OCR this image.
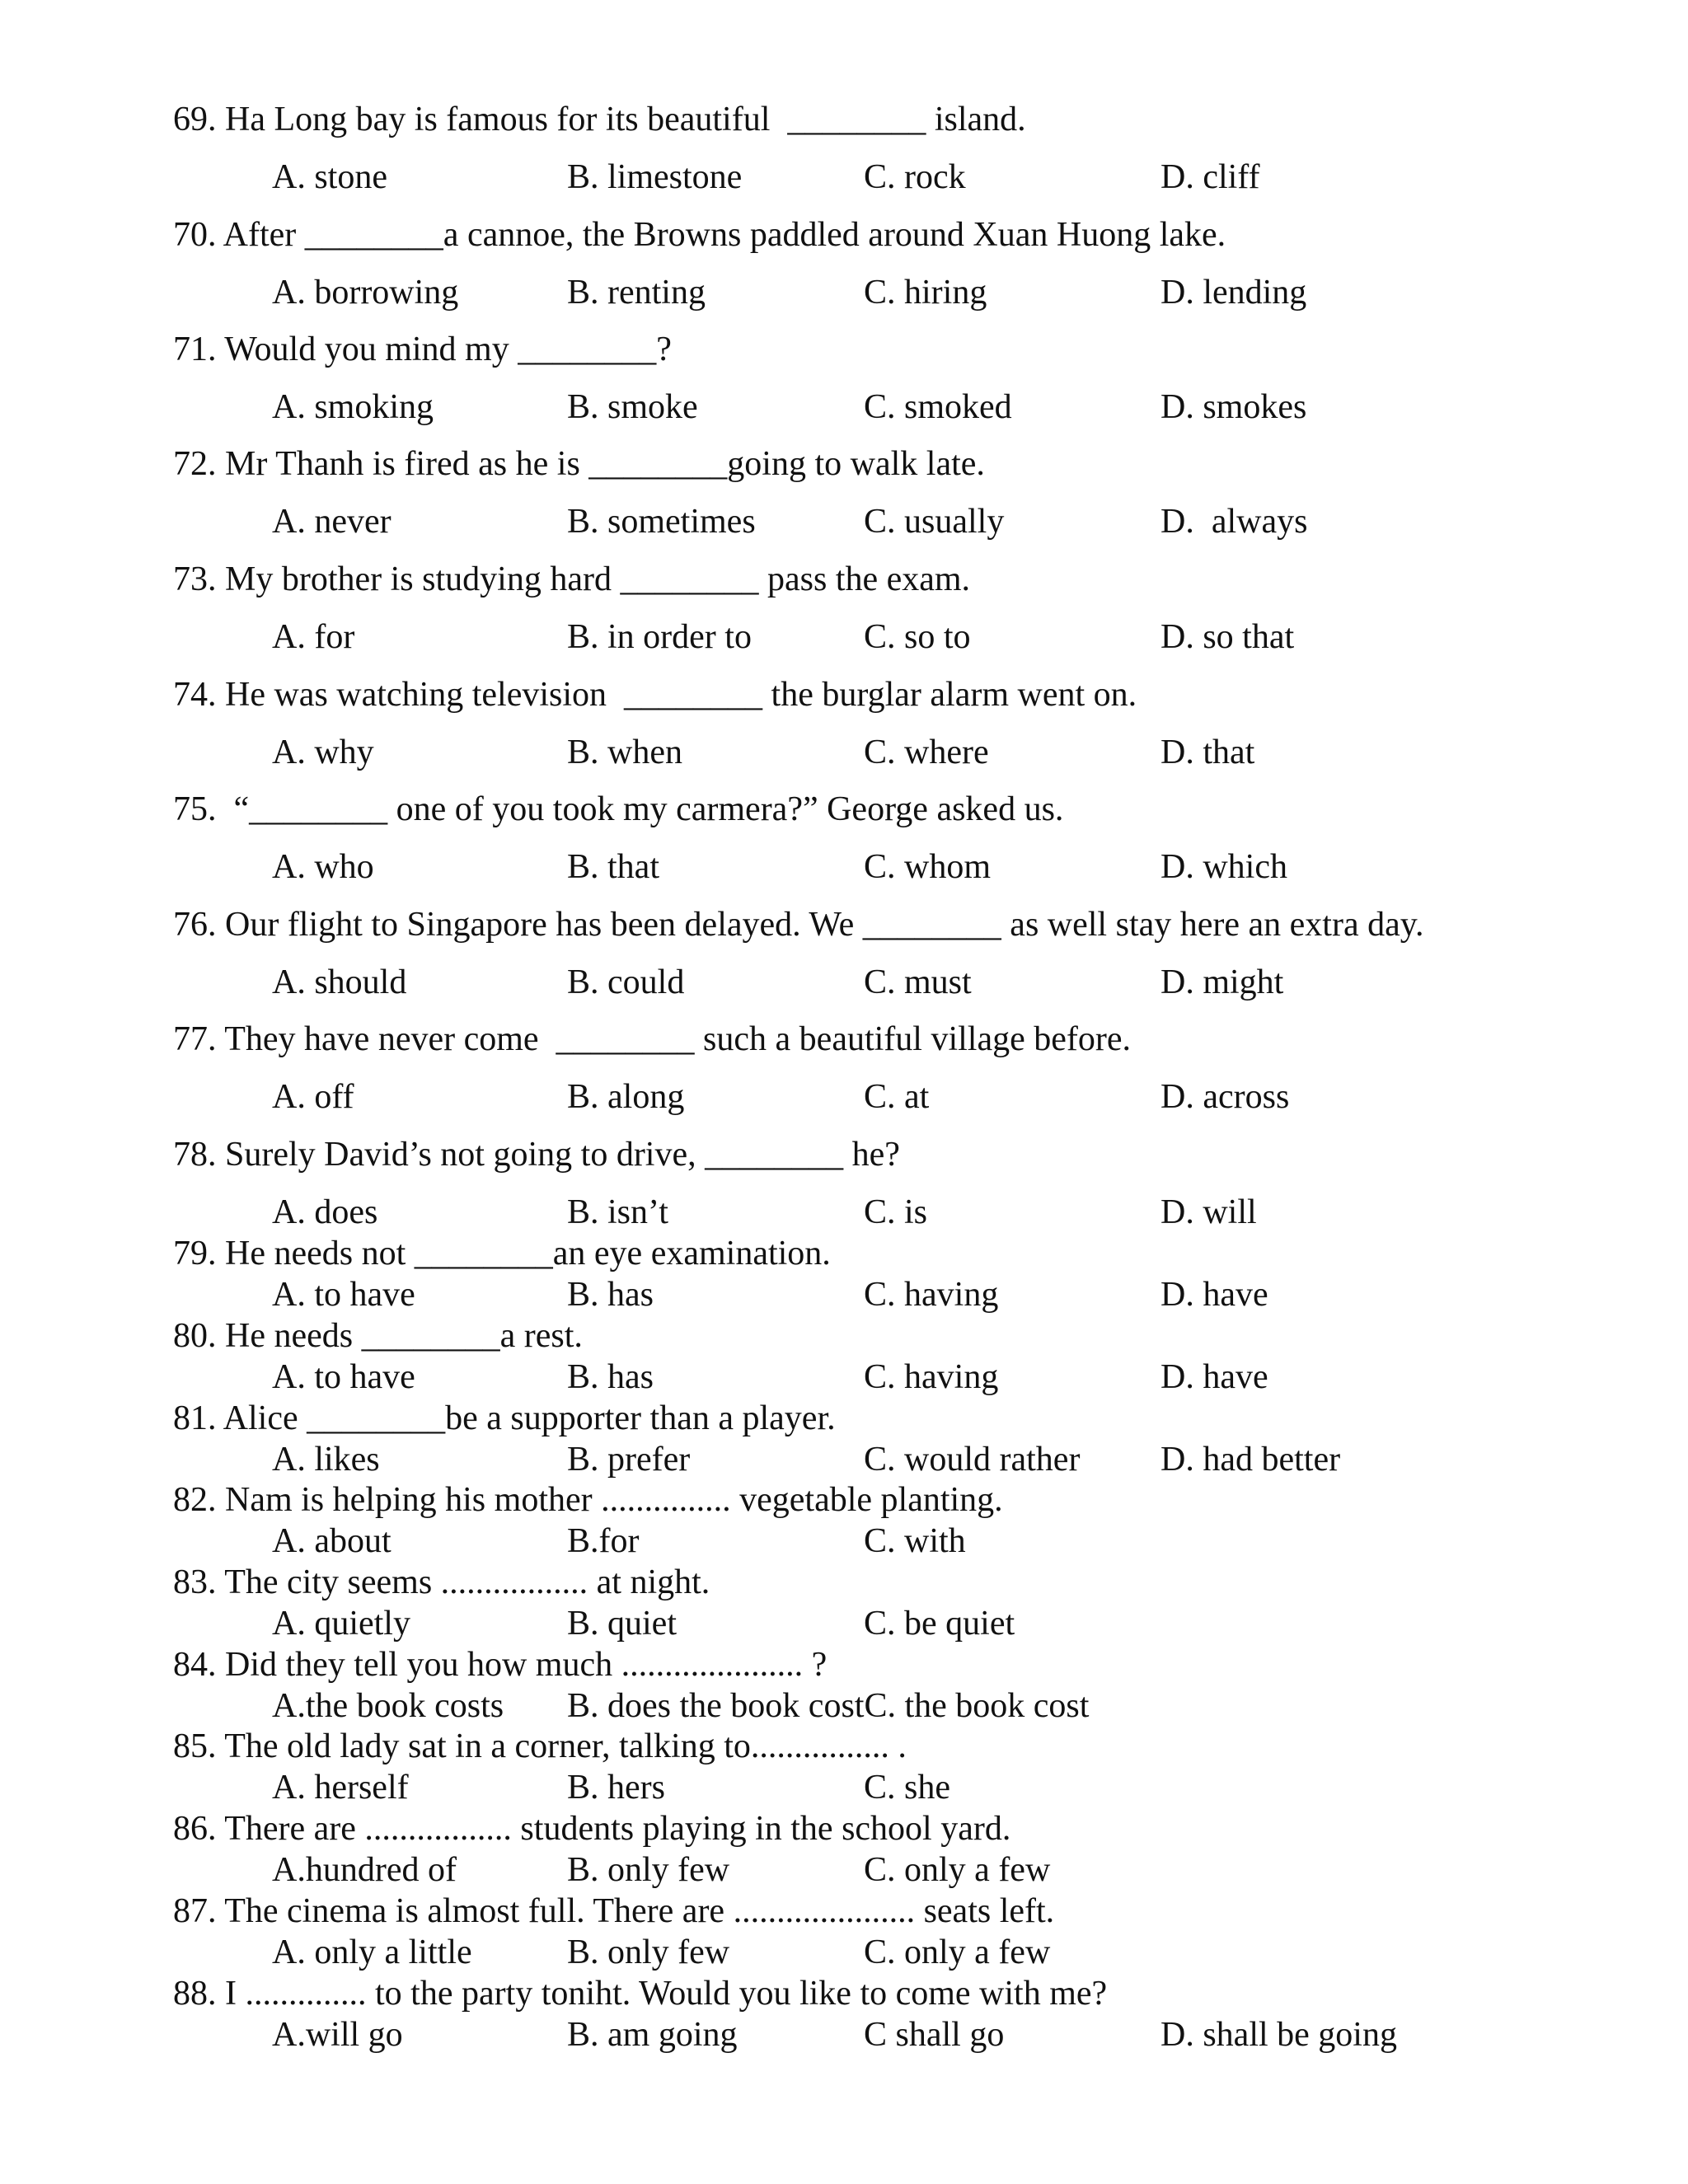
69. Ha Long bay is famous for its beautiful  ________ island.
A. stone	B. limestone	C. rock	D. cliff
70. After ________a cannoe, the Browns paddled around Xuan Huong lake.
A. borrowing	B. renting	C. hiring	D. lending
71. Would you mind my ________?
A. smoking	B. smoke	C. smoked	D. smokes
72. Mr Thanh is fired as he is ________going to walk late.
A. never	B. sometimes	C. usually	D.  always
73. My brother is studying hard ________ pass the exam.
A. for	B. in order to	C. so to	D. so that
74. He was watching television  ________ the burglar alarm went on.
A. why	B. when	C. where	D. that
75.  “________ one of you took my carmera?” George asked us.
A. who	B. that	C. whom	D. which
76. Our flight to Singapore has been delayed. We ________ as well stay here an extra day.
A. should	B. could	C. must	D. might
77. They have never come  ________ such a beautiful village before.
A. off	B. along	C. at	D. across
78. Surely David’s not going to drive, ________ he?
A. does	B. isn’t	C. is	D. will
79. He needs not ________an eye examination.
A. to have	B. has	C. having	D. have
80. He needs ________a rest.
A. to have	B. has	C. having	D. have
81. Alice ________be a supporter than a player.
A. likes	B. prefer	C. would rather D. had better
82. Nam is helping his mother ............... vegetable planting.
A. about	B.for	C. with
83. The city seems ................. at night.
A. quietly	B. quiet	C. be quiet
84. Did they tell you how much ..................... ?
A.the book costs B. does the book costC. the book cost
85. The old lady sat in a corner, talking to................ .
A. herself	B. hers	C. she
86. There are ................. students playing in the school yard.
A.hundred of	B. only few	C. only a few
87. The cinema is almost full. There are ..................... seats left.
A. only a little	B. only few	C. only a few
88. I .............. to the party toniht. Would you like to come with me?
A.will go	B. am going	C shall go	D. shall be going
